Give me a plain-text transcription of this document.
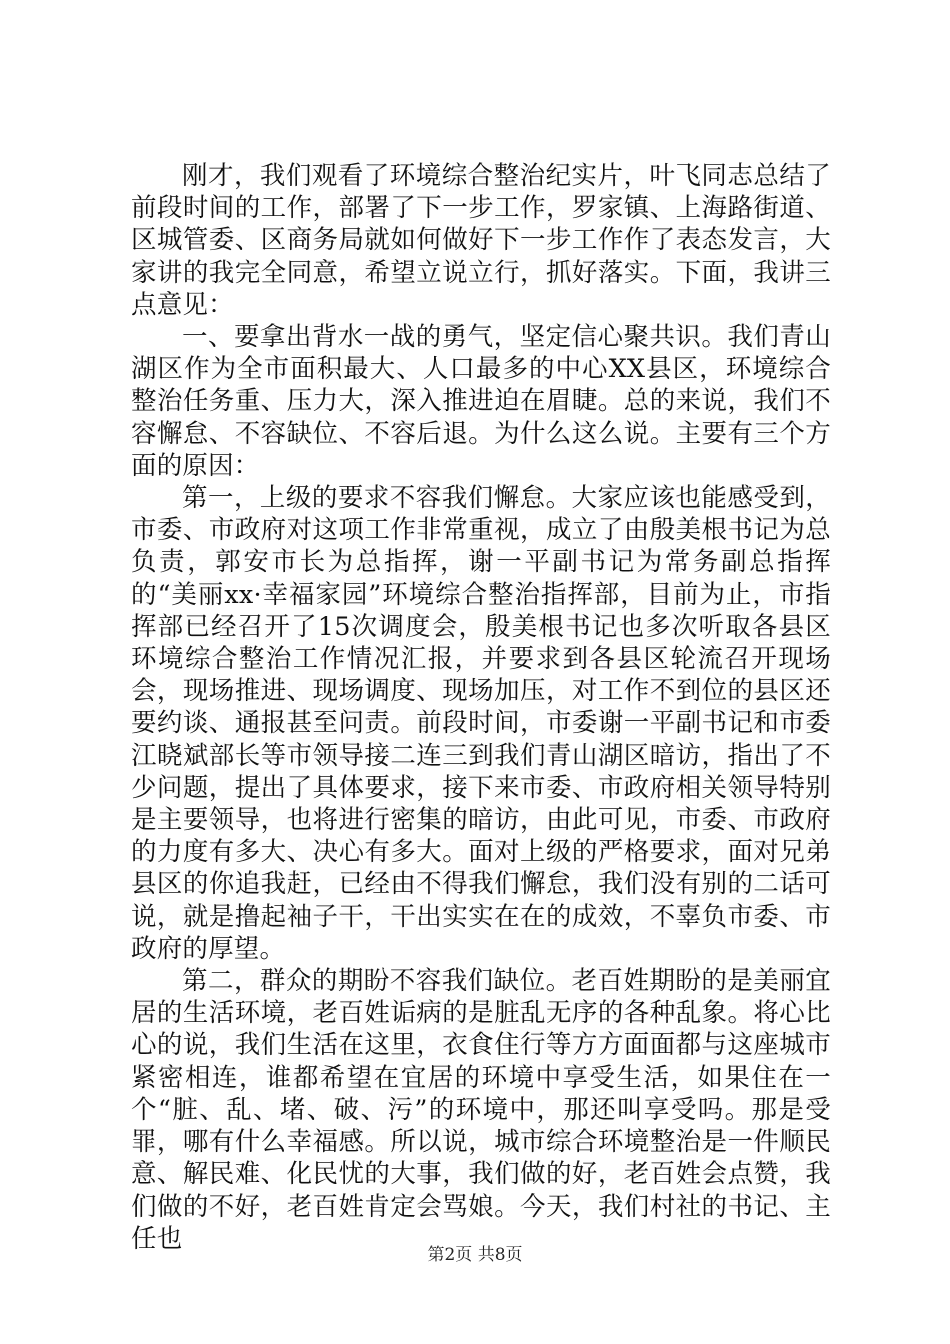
刚才，我们观看了环境综合整治纪实片，叶飞同志总结了前段时间的工作，部署了下一步工作，罗家镇、上海路街道、区城管委、区商务局就如何做好下一步工作作了表态发言，大家讲的我完全同意，希望立说立行，抓好落实。下面，我讲三点意见：

一、要拿出背水一战的勇气，坚定信心聚共识。我们青山湖区作为全市面积最大、人口最多的中心XX县区，环境综合整治任务重、压力大，深入推进迫在眉睫。总的来说，我们不容懈怠、不容缺位、不容后退。为什么这么说。主要有三个方面的原因：

第一，上级的要求不容我们懈怠。大家应该也能感受到，市委、市政府对这项工作非常重视，成立了由殷美根书记为总负责，郭安市长为总指挥，谢一平副书记为常务副总指挥的“美丽xx·幸福家园”环境综合整治指挥部，目前为止，市指挥部已经召开了15次调度会，殷美根书记也多次听取各县区环境综合整治工作情况汇报，并要求到各县区轮流召开现场会，现场推进、现场调度、现场加压，对工作不到位的县区还要约谈、通报甚至问责。前段时间，市委谢一平副书记和市委江晓斌部长等市领导接二连三到我们青山湖区暗访，指出了不少问题，提出了具体要求，接下来市委、市政府相关领导特别是主要领导，也将进行密集的暗访，由此可见，市委、市政府的力度有多大、决心有多大。面对上级的严格要求，面对兄弟县区的你追我赶，已经由不得我们懈怠，我们没有别的二话可说，就是撸起袖子干，干出实实在在的成效，不辜负市委、市政府的厚望。

第二，群众的期盼不容我们缺位。老百姓期盼的是美丽宜居的生活环境，老百姓诟病的是脏乱无序的各种乱象。将心比心的说，我们生活在这里，衣食住行等方方面面都与这座城市紧密相连，谁都希望在宜居的环境中享受生活，如果住在一个“脏、乱、堵、破、污”的环境中，那还叫享受吗。那是受罪，哪有什么幸福感。所以说，城市综合环境整治是一件顺民意、解民难、化民忧的大事，我们做的好，老百姓会点赞，我们做的不好，老百姓肯定会骂娘。今天，我们村社的书记、主任也

第2页 共8页
